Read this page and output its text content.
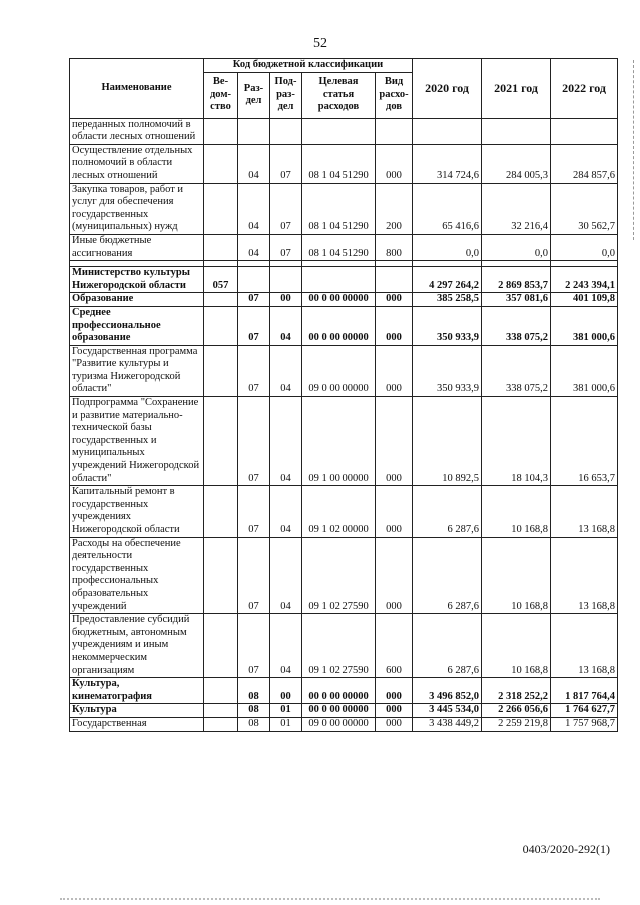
52
Наименование	Код бюджетной классификации					2020 год	2021 год	2022 год
	Ве-дом-ство	Раз-дел	Под-раз-дел	Целевая статья расходов	Вид расхо-дов			
переданных полномочий в области лесных отношений								
Осуществление отдельных полномочий в области лесных отношений		04	07	08 1 04 51290	000	314 724,6	284 005,3	284 857,6
Закупка товаров, работ и услуг для обеспечения государственных (муниципальных) нужд		04	07	08 1 04 51290	200	65 416,6	32 216,4	30 562,7
Иные бюджетные ассигнования		04	07	08 1 04 51290	800	0,0	0,0	0,0

Министерство культуры Нижегородской области	057					4 297 264,2	2 869 853,7	2 243 394,1
Образование		07	00	00 0 00 00000	000	385 258,5	357 081,6	401 109,8
Среднее профессиональное образование		07	04	00 0 00 00000	000	350 933,9	338 075,2	381 000,6
Государственная программа "Развитие культуры и туризма Нижегородской области"		07	04	09 0 00 00000	000	350 933,9	338 075,2	381 000,6
Подпрограмма "Сохранение и развитие материально-технической базы государственных и муниципальных учреждений Нижегородской области"		07	04	09 1 00 00000	000	10 892,5	18 104,3	16 653,7
Капитальный ремонт в государственных учреждениях Нижегородской области		07	04	09 1 02 00000	000	6 287,6	10 168,8	13 168,8
Расходы на обеспечение деятельности государственных профессиональных образовательных учреждений		07	04	09 1 02 27590	000	6 287,6	10 168,8	13 168,8
Предоставление субсидий бюджетным, автономным учреждениям и иным некоммерческим организациям		07	04	09 1 02 27590	600	6 287,6	10 168,8	13 168,8
Культура, кинематография		08	00	00 0 00 00000	000	3 496 852,0	2 318 252,2	1 817 764,4
Культура		08	01	00 0 00 00000	000	3 445 534,0	2 266 056,6	1 764 627,7
Государственная		08	01	09 0 00 00000	000	3 438 449,2	2 259 219,8	1 757 968,7
0403/2020-292(1)
